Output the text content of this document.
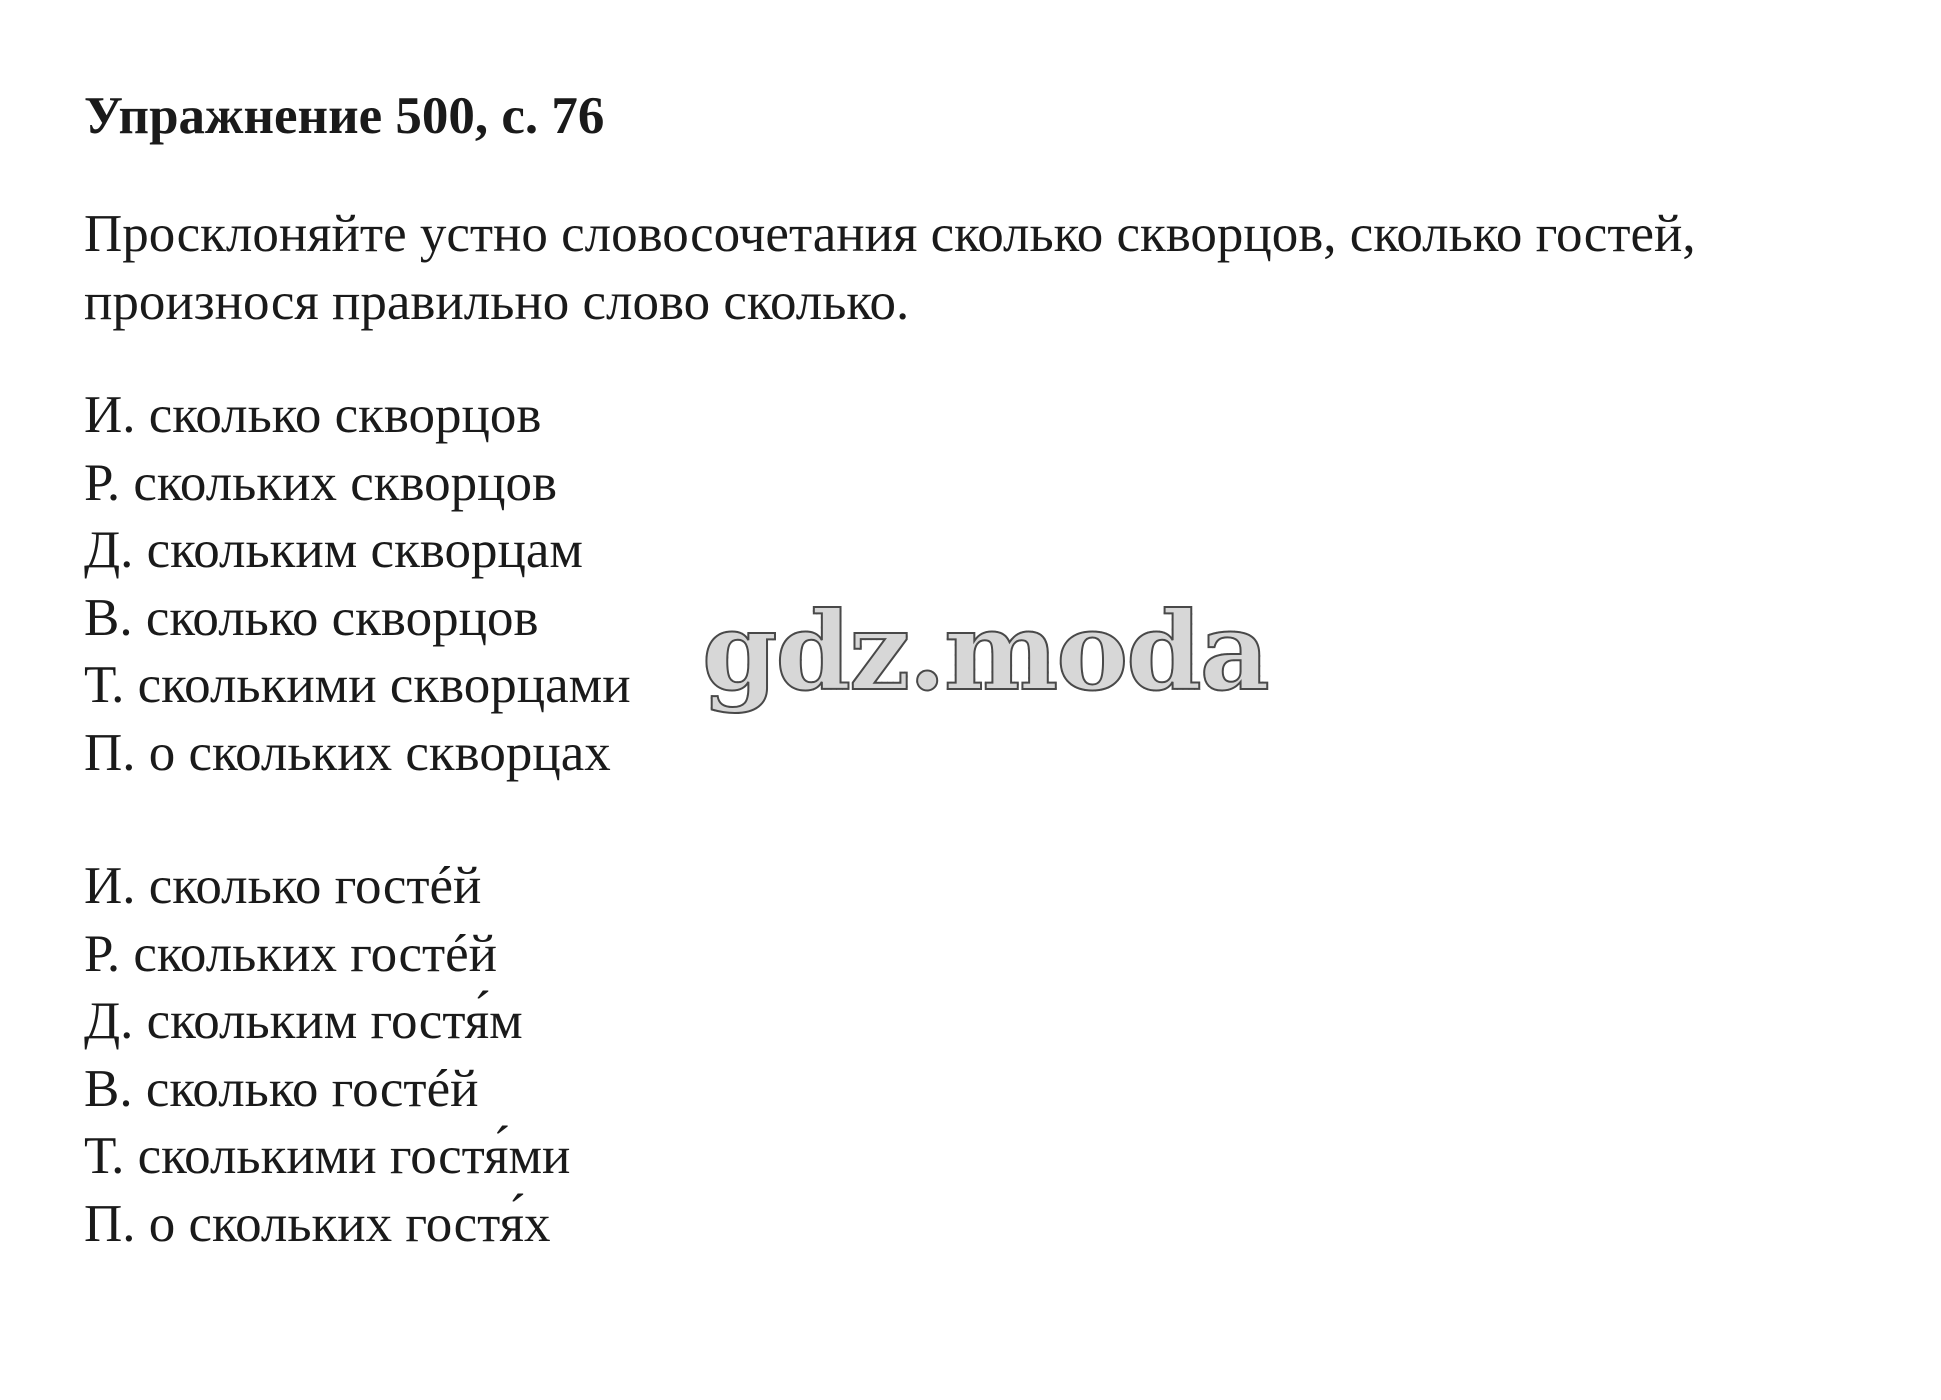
Упражнение 500, с. 76

Просклоняйте устно словосочетания сколько скворцов, сколько гостей,
произнося правильно слово сколько.

И. сколько скворцов
Р. скольких скворцов
Д. скольким скворцам
В. сколько скворцов
Т. сколькими скворцами
П. о скольких скворцах
И. сколько гостéй
Р. скольких гостéй
Д. скольким гостя́м
В. сколько гостéй
Т. сколькими гостя́ми
П. о скольких гостя́х
gdz.moda
